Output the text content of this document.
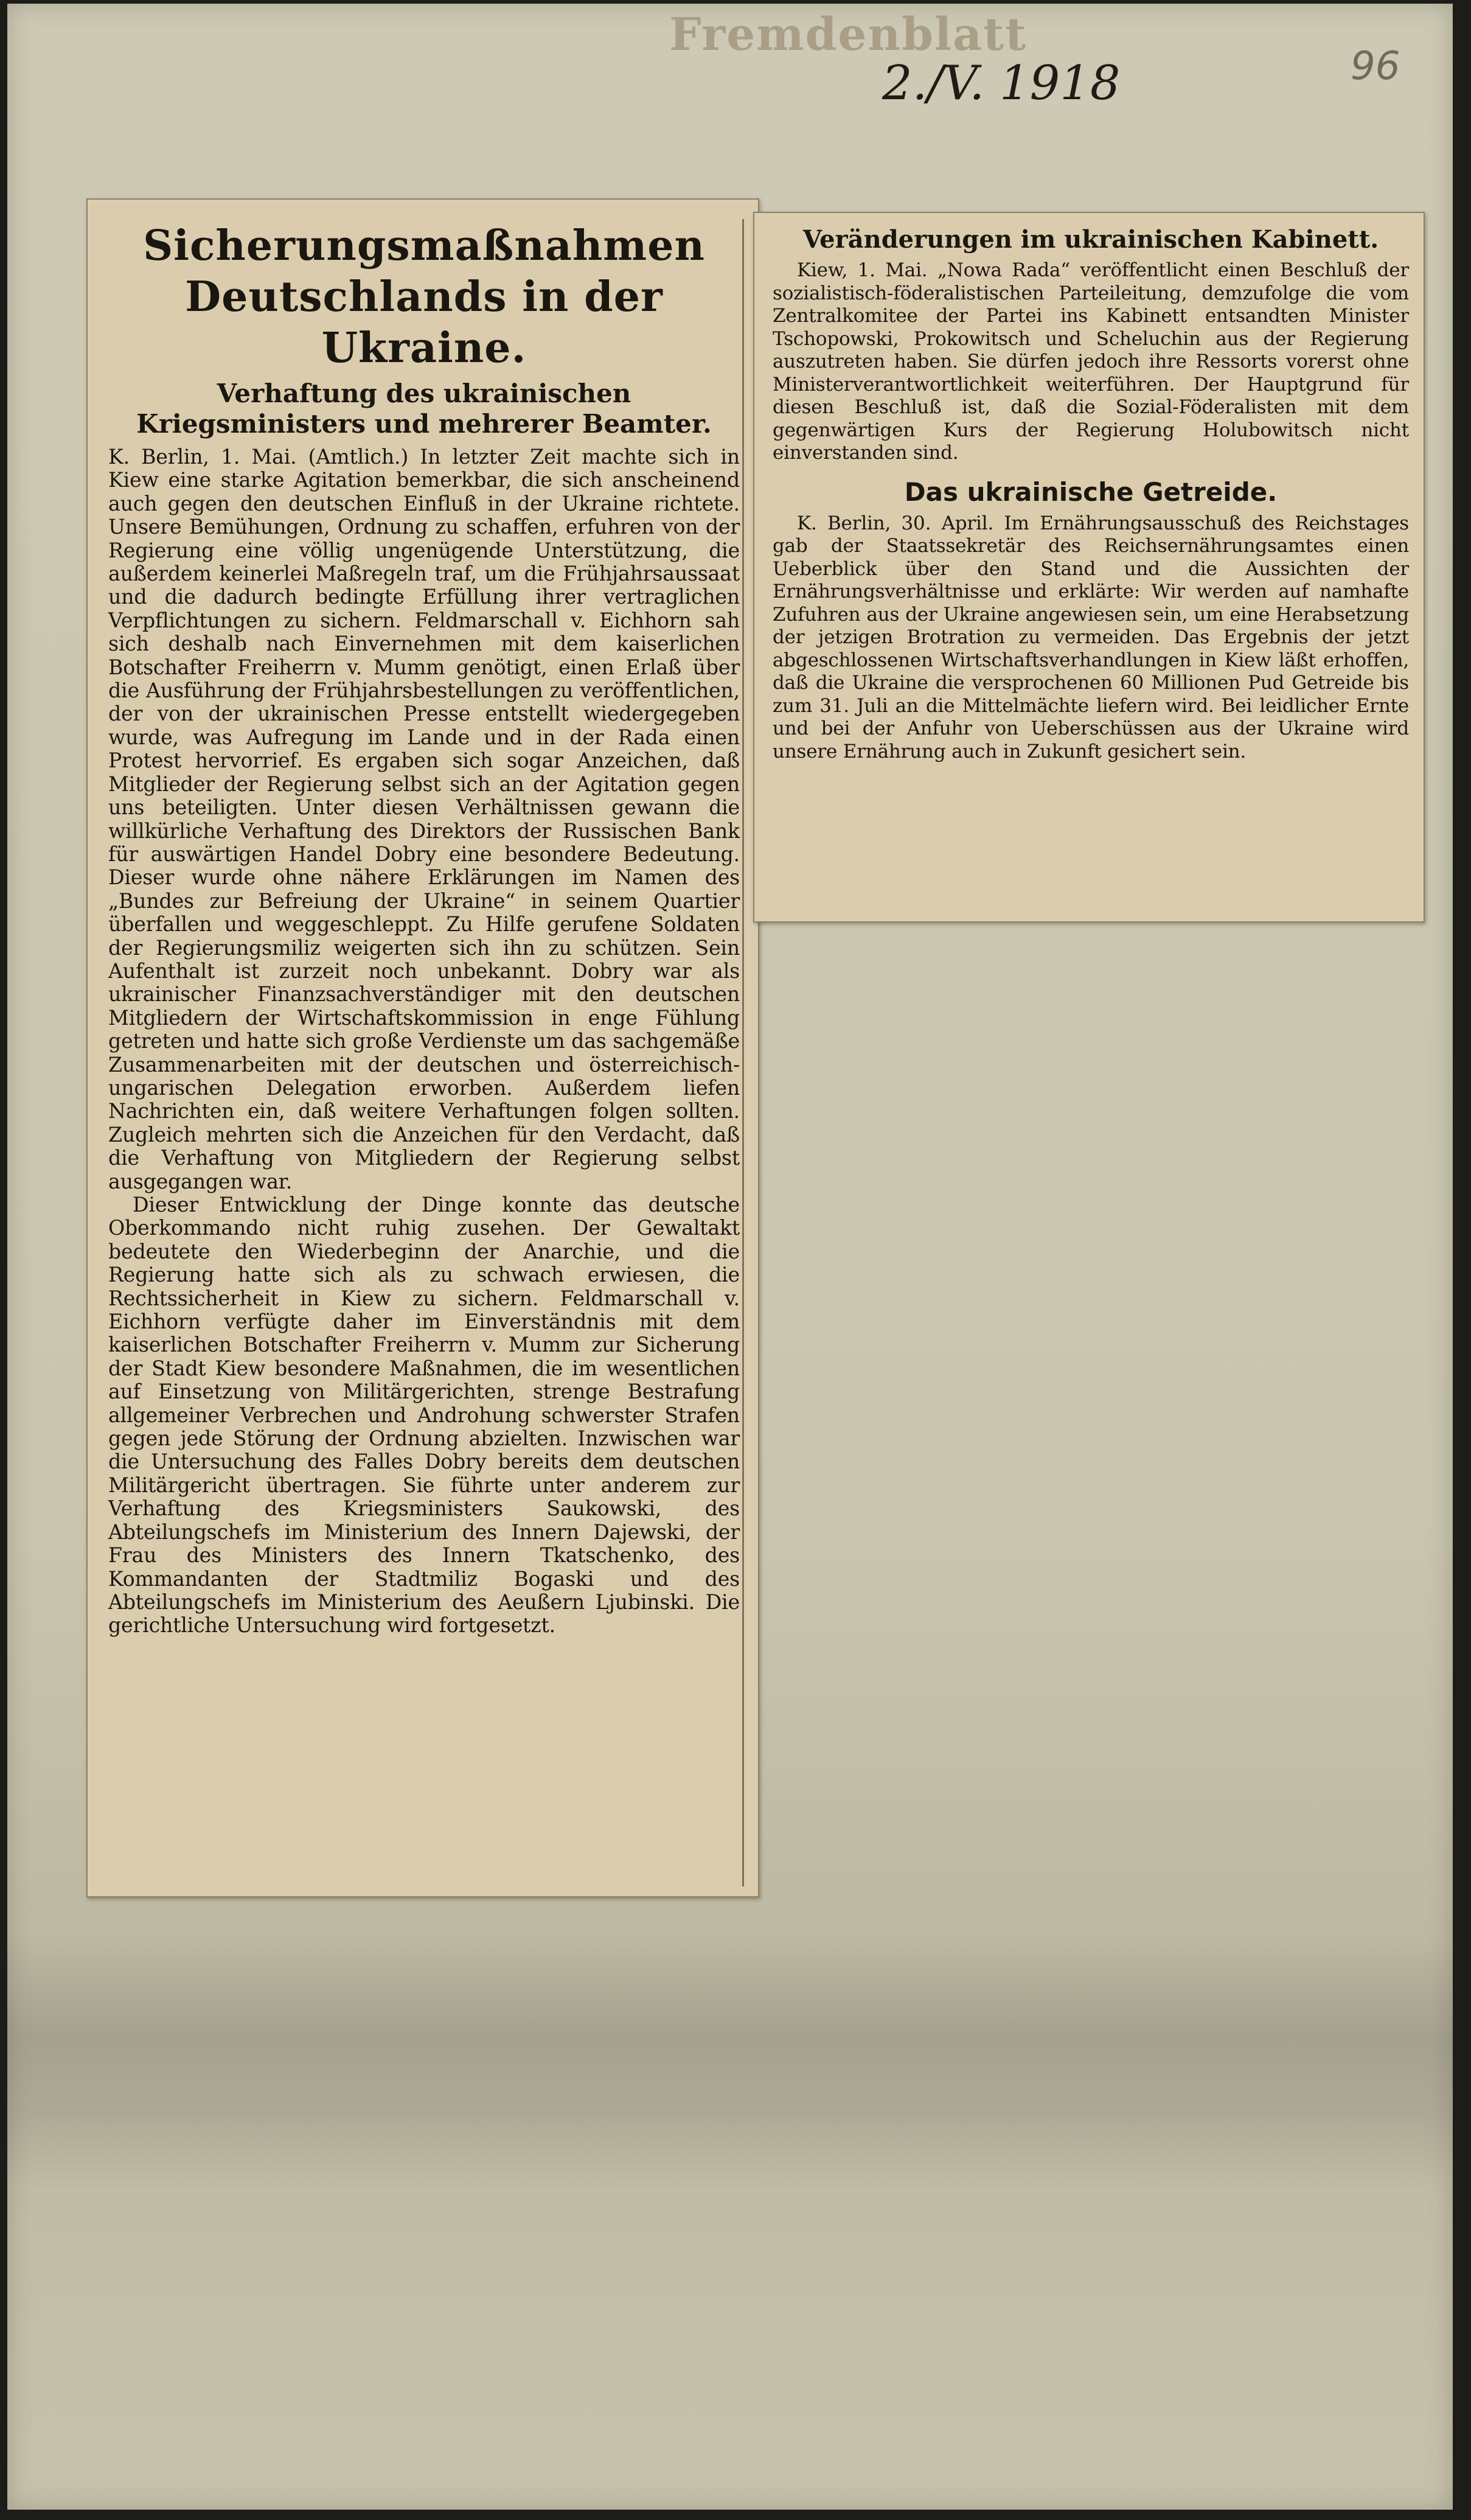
Fremdenblatt
2./V. 1918	96
Sicherungsmaßnahmen Deutschlands in der Ukraine.
Verhaftung des ukrainischen Kriegsministers und mehrerer Beamter.

K. Berlin, 1. Mai. (Amtlich.) In letzter Zeit machte sich in Kiew eine starke Agitation bemerkbar, die sich anscheinend auch gegen den deutschen Einfluß in der Ukraine richtete. Unsere Bemühungen, Ordnung zu schaffen, erfuhren von der Regierung eine völlig ungenügende Unterstützung, die außerdem keinerlei Maßregeln traf, um die Frühjahrsaussaat und die dadurch bedingte Erfüllung ihrer vertraglichen Verpflichtungen zu sichern. Feldmarschall v. Eichhorn sah sich deshalb nach Einvernehmen mit dem kaiserlichen Botschafter Freiherrn v. Mumm genötigt, einen Erlaß über die Ausführung der Frühjahrsbestellungen zu veröffentlichen, der von der ukrainischen Presse entstellt wiedergegeben wurde, was Aufregung im Lande und in der Rada einen Protest hervorrief. Es ergaben sich sogar Anzeichen, daß Mitglieder der Regierung selbst sich an der Agitation gegen uns beteiligten. Unter diesen Verhältnissen gewann die willkürliche Verhaftung des Direktors der Russischen Bank für auswärtigen Handel Dobry eine besondere Bedeutung. Dieser wurde ohne nähere Erklärungen im Namen des „Bundes zur Befreiung der Ukraine“ in seinem Quartier überfallen und weggeschleppt. Zu Hilfe gerufene Soldaten der Regierungsmiliz weigerten sich ihn zu schützen. Sein Aufenthalt ist zurzeit noch unbekannt. Dobry war als ukrainischer Finanzsachverständiger mit den deutschen Mitgliedern der Wirtschaftskommission in enge Fühlung getreten und hatte sich große Verdienste um das sachgemäße Zusammenarbeiten mit der deutschen und österreichisch-ungarischen Delegation erworben. Außerdem liefen Nachrichten ein, daß weitere Verhaftungen folgen sollten. Zugleich mehrten sich die Anzeichen für den Verdacht, daß die Verhaftung von Mitgliedern der Regierung selbst ausgegangen war.

Dieser Entwicklung der Dinge konnte das deutsche Oberkommando nicht ruhig zusehen. Der Gewaltakt bedeutete den Wiederbeginn der Anarchie, und die Regierung hatte sich als zu schwach erwiesen, die Rechtssicherheit in Kiew zu sichern. Feldmarschall v. Eichhorn verfügte daher im Einverständnis mit dem kaiserlichen Botschafter Freiherrn v. Mumm zur Sicherung der Stadt Kiew besondere Maßnahmen, die im wesentlichen auf Einsetzung von Militärgerichten, strenge Bestrafung allgemeiner Verbrechen und Androhung schwerster Strafen gegen jede Störung der Ordnung abzielten. Inzwischen war die Untersuchung des Falles Dobry bereits dem deutschen Militärgericht übertragen. Sie führte unter anderem zur Verhaftung des Kriegsministers Saukowski, des Abteilungschefs im Ministerium des Innern Dajewski, der Frau des Ministers des Innern Tkatschenko, des Kommandanten der Stadtmiliz Bogaski und des Abteilungschefs im Ministerium des Aeußern Ljubinski. Die gerichtliche Untersuchung wird fortgesetzt.

Veränderungen im ukrainischen Kabinett.

Kiew, 1. Mai. „Nowa Rada“ veröffentlicht einen Beschluß der sozialistisch-föderalistischen Parteileitung, demzufolge die vom Zentralkomitee der Partei ins Kabinett entsandten Minister Tschopowski, Prokowitsch und Scheluchin aus der Regierung auszutreten haben. Sie dürfen jedoch ihre Ressorts vorerst ohne Ministerverantwortlichkeit weiterführen. Der Hauptgrund für diesen Beschluß ist, daß die Sozial-Föderalisten mit dem gegenwärtigen Kurs der Regierung Holubowitsch nicht einverstanden sind.

Das ukrainische Getreide.

K. Berlin, 30. April. Im Ernährungsausschuß des Reichstages gab der Staatssekretär des Reichsernährungsamtes einen Ueberblick über den Stand und die Aussichten der Ernährungsverhältnisse und erklärte: Wir werden auf namhafte Zufuhren aus der Ukraine angewiesen sein, um eine Herabsetzung der jetzigen Brotration zu vermeiden. Das Ergebnis der jetzt abgeschlossenen Wirtschaftsverhandlungen in Kiew läßt erhoffen, daß die Ukraine die versprochenen 60 Millionen Pud Getreide bis zum 31. Juli an die Mittelmächte liefern wird. Bei leidlicher Ernte und bei der Anfuhr von Ueberschüssen aus der Ukraine wird unsere Ernährung auch in Zukunft gesichert sein.
